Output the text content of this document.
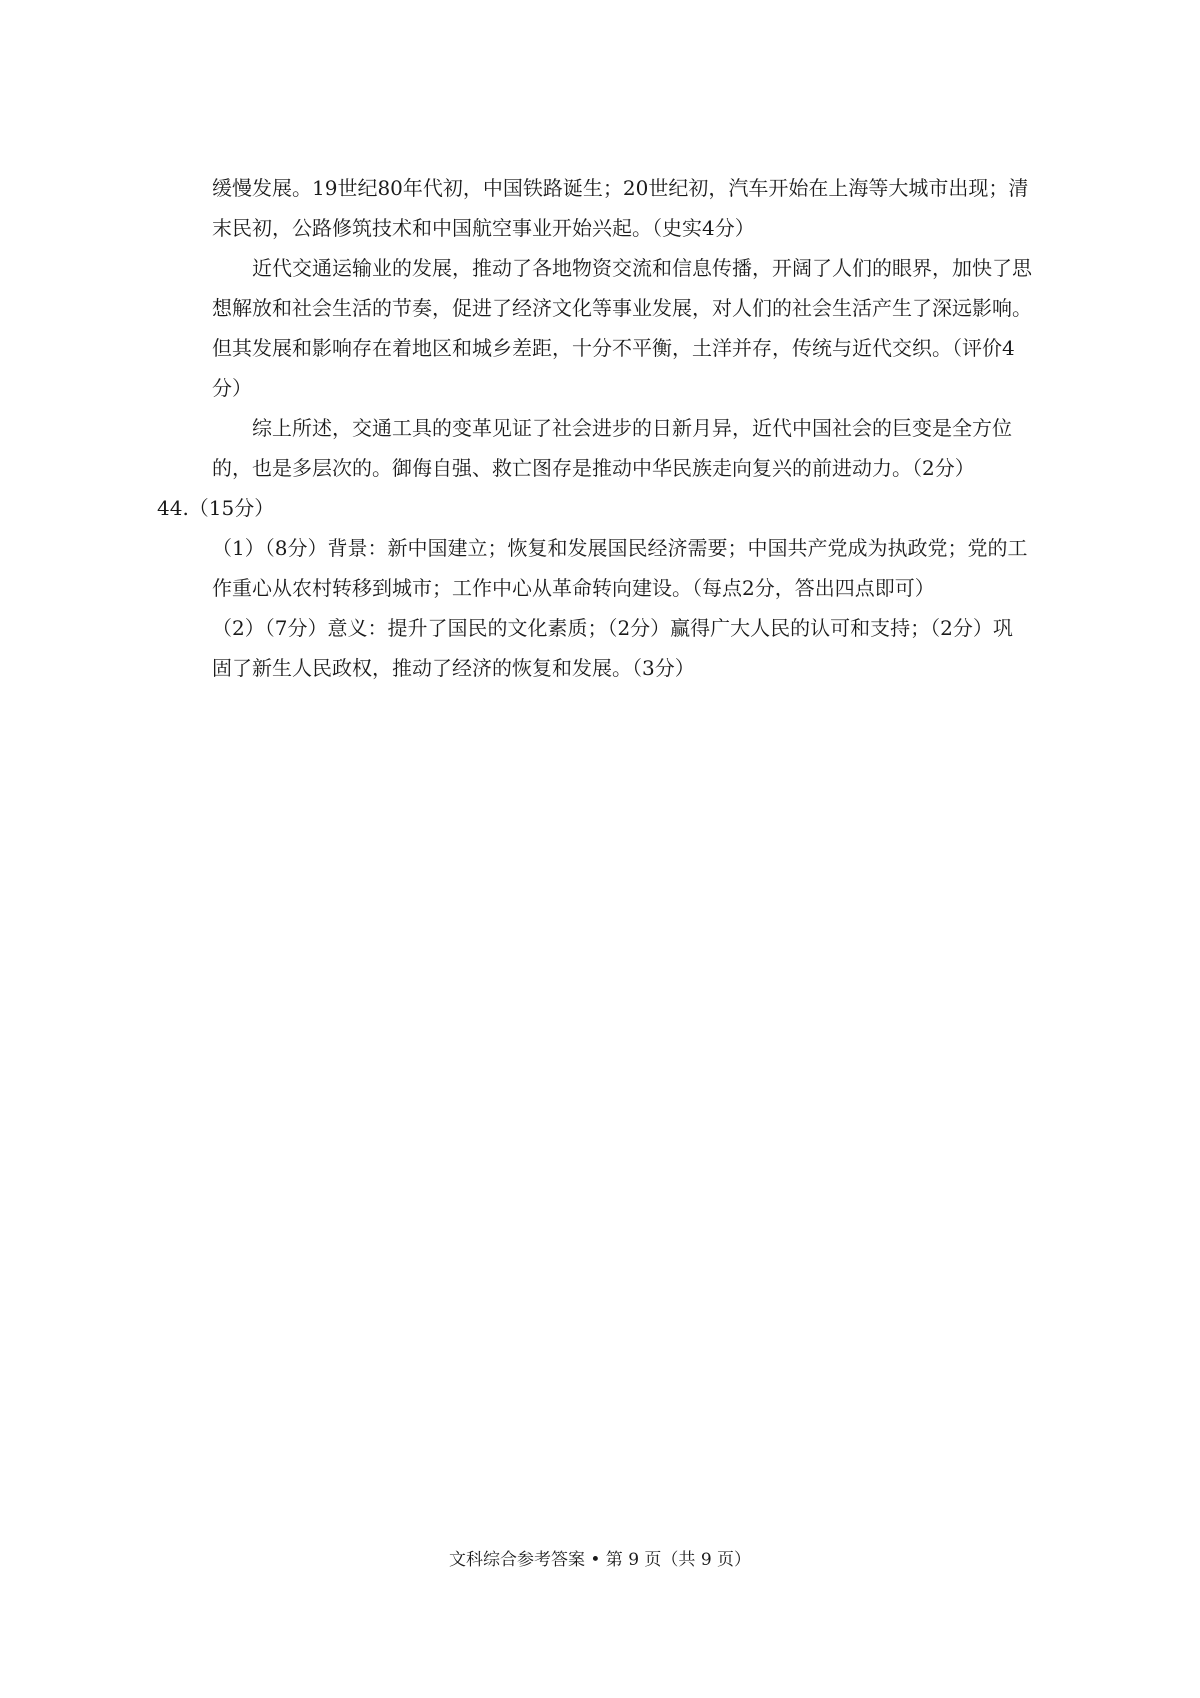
缓慢发展。19世纪80年代初，中国铁路诞生；20世纪初，汽车开始在上海等大城市出现；清末民初，公路修筑技术和中国航空事业开始兴起。（史实4分）

近代交通运输业的发展，推动了各地物资交流和信息传播，开阔了人们的眼界，加快了思想解放和社会生活的节奏，促进了经济文化等事业发展，对人们的社会生活产生了深远影响。但其发展和影响存在着地区和城乡差距，十分不平衡，土洋并存，传统与近代交织。（评价4分）

综上所述，交通工具的变革见证了社会进步的日新月异，近代中国社会的巨变是全方位的，也是多层次的。御侮自强、救亡图存是推动中华民族走向复兴的前进动力。（2分）

44.（15分）

（1）（8分）背景：新中国建立；恢复和发展国民经济需要；中国共产党成为执政党；党的工作重心从农村转移到城市；工作中心从革命转向建设。（每点2分，答出四点即可）

（2）（7分）意义：提升了国民的文化素质；（2分）赢得广大人民的认可和支持；（2分）巩固了新生人民政权，推动了经济的恢复和发展。（3分）

文科综合参考答案 • 第 9 页（共 9 页）
